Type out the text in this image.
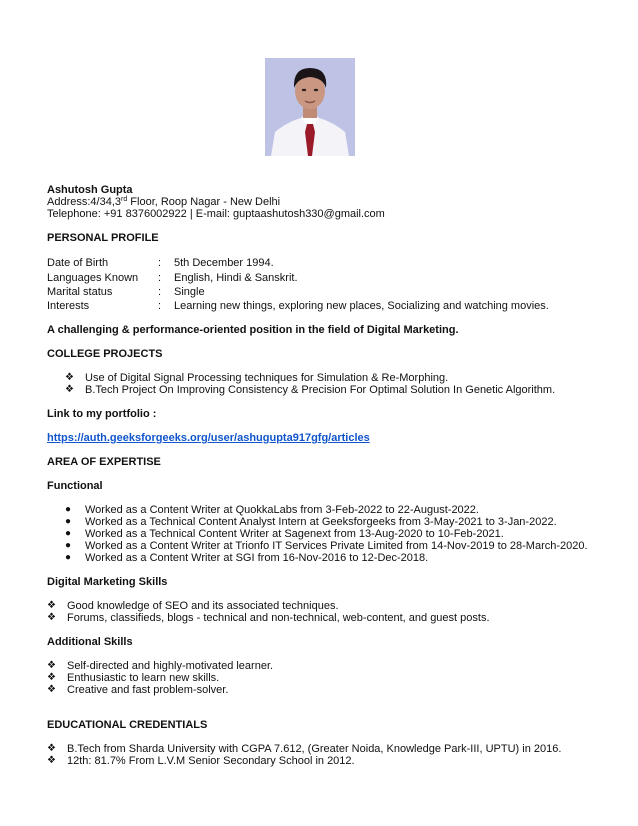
Ashutosh Gupta
Address:4/34,3rd Floor, Roop Nagar - New Delhi
Telephone: +91 8376002922 | E-mail: guptaashutosh330@gmail.com
PERSONAL PROFILE
Date of Birth	: 5th December 1994.
Languages Known : English, Hindi & Sanskrit.
Marital status	: Single
Interests	: Learning new things, exploring new places, Socializing and watching movies.
A challenging & performance-oriented position in the field of Digital Marketing.
COLLEGE PROJECTS
❖ Use of Digital Signal Processing techniques for Simulation & Re-Morphing.
❖ B.Tech Project On Improving Consistency & Precision For Optimal Solution In Genetic Algorithm.
Link to my portfolio :
https://auth.geeksforgeeks.org/user/ashugupta917gfg/articles
AREA OF EXPERTISE
Functional
● Worked as a Content Writer at QuokkaLabs from 3-Feb-2022 to 22-August-2022.
● Worked as a Technical Content Analyst Intern at Geeksforgeeks from 3-May-2021 to 3-Jan-2022.
● Worked as a Technical Content Writer at Sagenext from 13-Aug-2020 to 10-Feb-2021.
● Worked as a Content Writer at Trionfo IT Services Private Limited from 14-Nov-2019 to 28-March-2020.
● Worked as a Content Writer at SGI from 16-Nov-2016 to 12-Dec-2018.
Digital Marketing Skills
❖ Good knowledge of SEO and its associated techniques.
❖ Forums, classifieds, blogs - technical and non-technical, web-content, and guest posts.
Additional Skills
❖ Self-directed and highly-motivated learner.
❖ Enthusiastic to learn new skills.
❖ Creative and fast problem-solver.
EDUCATIONAL CREDENTIALS
❖ B.Tech from Sharda University with CGPA 7.612, (Greater Noida, Knowledge Park-III, UPTU) in 2016.
❖ 12th: 81.7% From L.V.M Senior Secondary School in 2012.
